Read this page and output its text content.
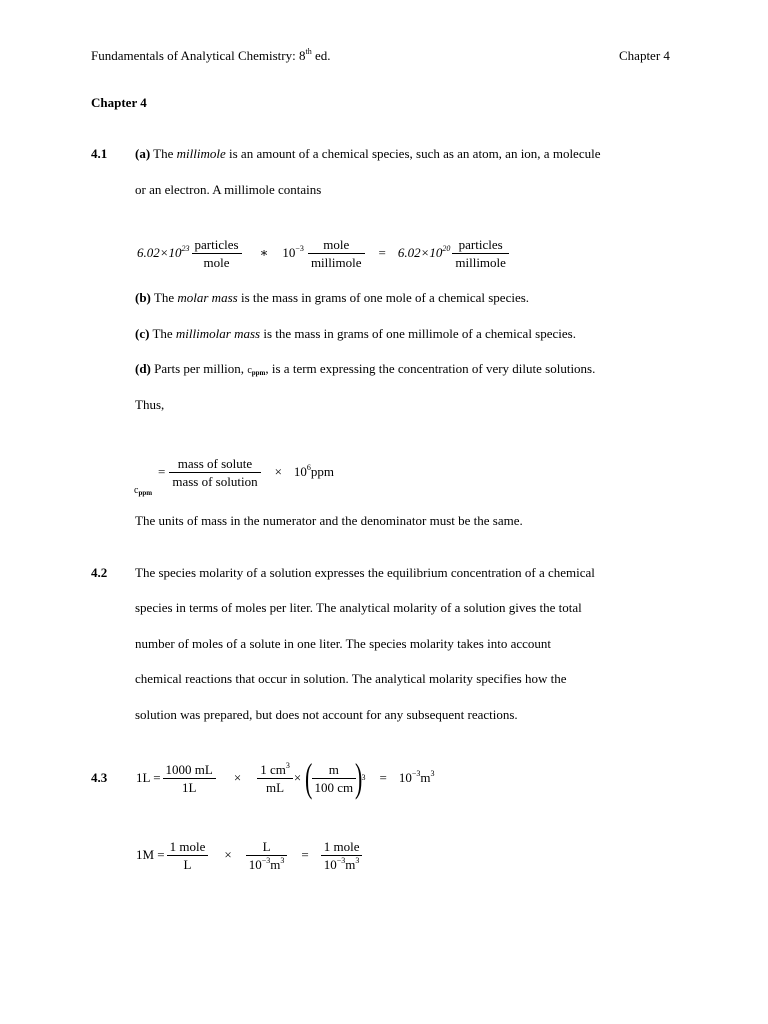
Fundamentals of Analytical Chemistry: 8th ed.	Chapter 4
Chapter 4
4.1 (a) The millimole is an amount of a chemical species, such as an atom, an ion, a molecule
or an electron. A millimole contains
$6.02\times 10^{23} \frac{\text{particles}}{\text{mole}}$	∗	$10^{-3} \frac{\text{mole}}{\text{millimole}}$	= $6.02\times 10^{20} \frac{\text{particles}}{\text{millimole}}$
(b) The molar mass is the mass in grams of one mole of a chemical species.
(c) The millimolar mass is the mass in grams of one millimole of a chemical species.
(d) Parts per million, cppm, is a term expressing the concentration of very dilute solutions.
Thus,
cppm
= $\frac{\text{mass of solute}}{\text{mass of solution}}$	× $10^6ppm$
The units of mass in the numerator and the denominator must be the same.
4.2 The species molarity of a solution expresses the equilibrium concentration of a chemical
species in terms of moles per liter. The analytical molarity of a solution gives the total
number of moles of a solute in one liter. The species molarity takes into account
chemical reactions that occur in solution. The analytical molarity specifies how the
solution was prepared, but does not account for any subsequent reactions.
4.3 $1L = \frac{1000 mL}{1L}$	×	$\frac{1 cm^3}{mL}$ × (
$\frac{m}{100 cm}$
)
3	= $10^{-3}m^3$
$1M = \frac{\text{1 mole}}{L}$	×	$\frac{L}{10^{-3}m^3}$	= $\frac{\text{1 mole}}{10^{-3}m^3}$
